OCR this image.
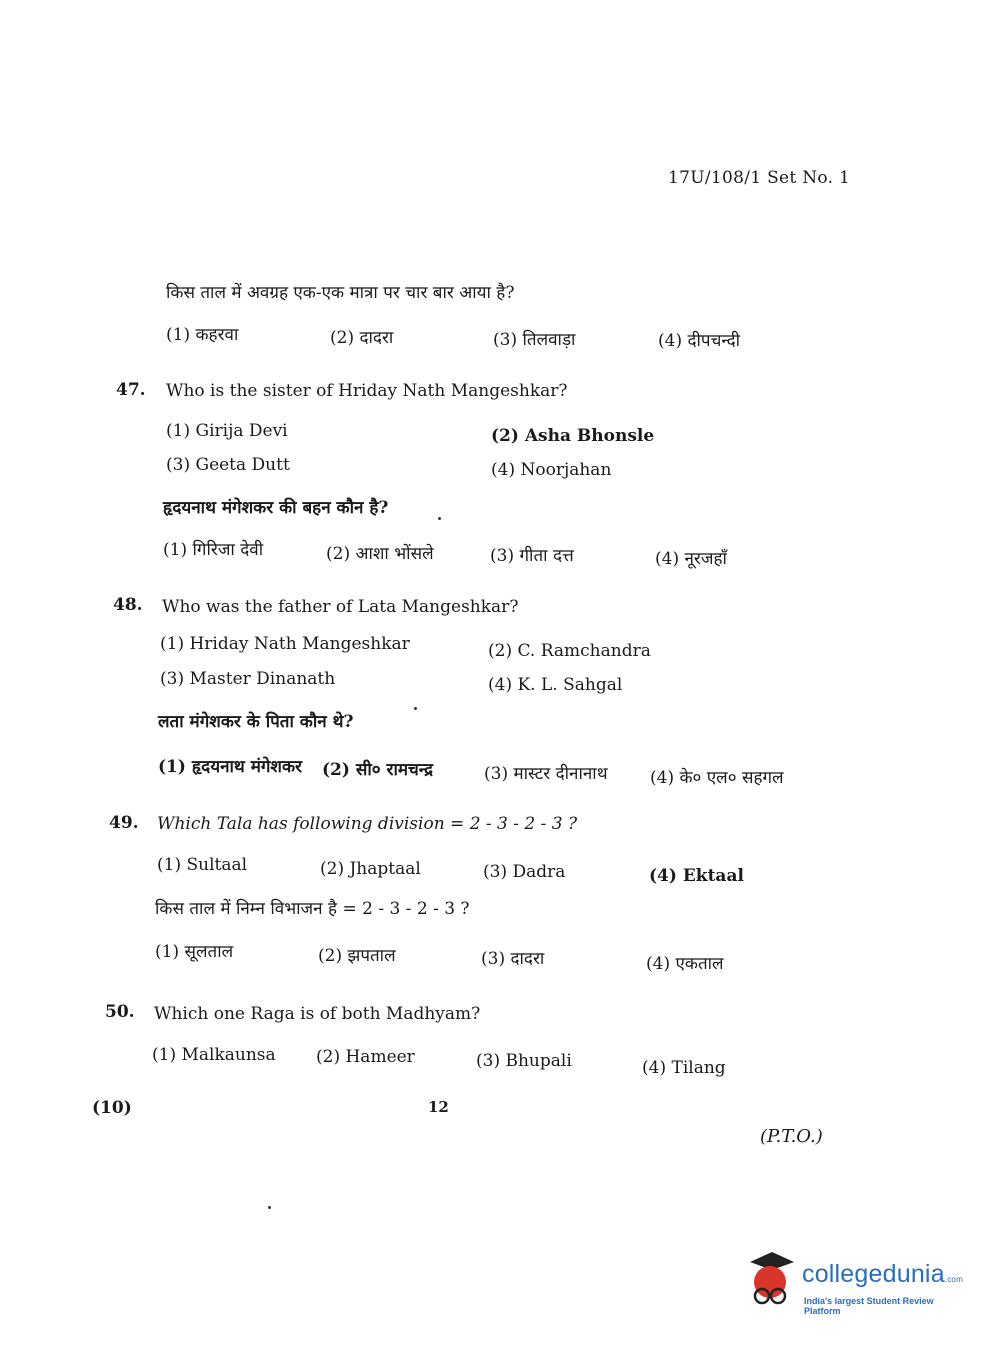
17U/108/1 Set No. 1
किस ताल में अवग्रह एक-एक मात्रा पर चार बार आया है?
(1) कहरवा	(2) दादरा	(3) तिलवाड़ा	(4) दीपचन्दी
47. Who is the sister of Hriday Nath Mangeshkar?
(1) Girija Devi	(2) Asha Bhonsle
(3) Geeta Dutt	(4) Noorjahan
हृदयनाथ मंगेशकर की बहन कौन है?
(1) गिरिजा देवी	(2) आशा भोंसले	(3) गीता दत्त	(4) नूरजहाँ
48. Who was the father of Lata Mangeshkar?
(1) Hriday Nath Mangeshkar	(2) C. Ramchandra
(3) Master Dinanath	(4) K. L. Sahgal
लता मंगेशकर के पिता कौन थे?
(1) हृदयनाथ मंगेशकर (2) सी० रामचन्द्र	(3) मास्टर दीनानाथ (4) के० एल० सहगल
49. Which Tala has following division = 2 - 3 - 2 - 3 ?
(1) Sultaal	(2) Jhaptaal	(3) Dadra	(4) Ektaal
किस ताल में निम्न विभाजन है = 2 - 3 - 2 - 3 ?
(1) सूलताल	(2) झपताल	(3) दादरा	(4) एकताल
50. Which one Raga is of both Madhyam?
(1) Malkaunsa (2) Hameer	(3) Bhupali	(4) Tilang
(10)	12
(P.T.O.)
collegedunia.com
India's largest Student Review Platform
